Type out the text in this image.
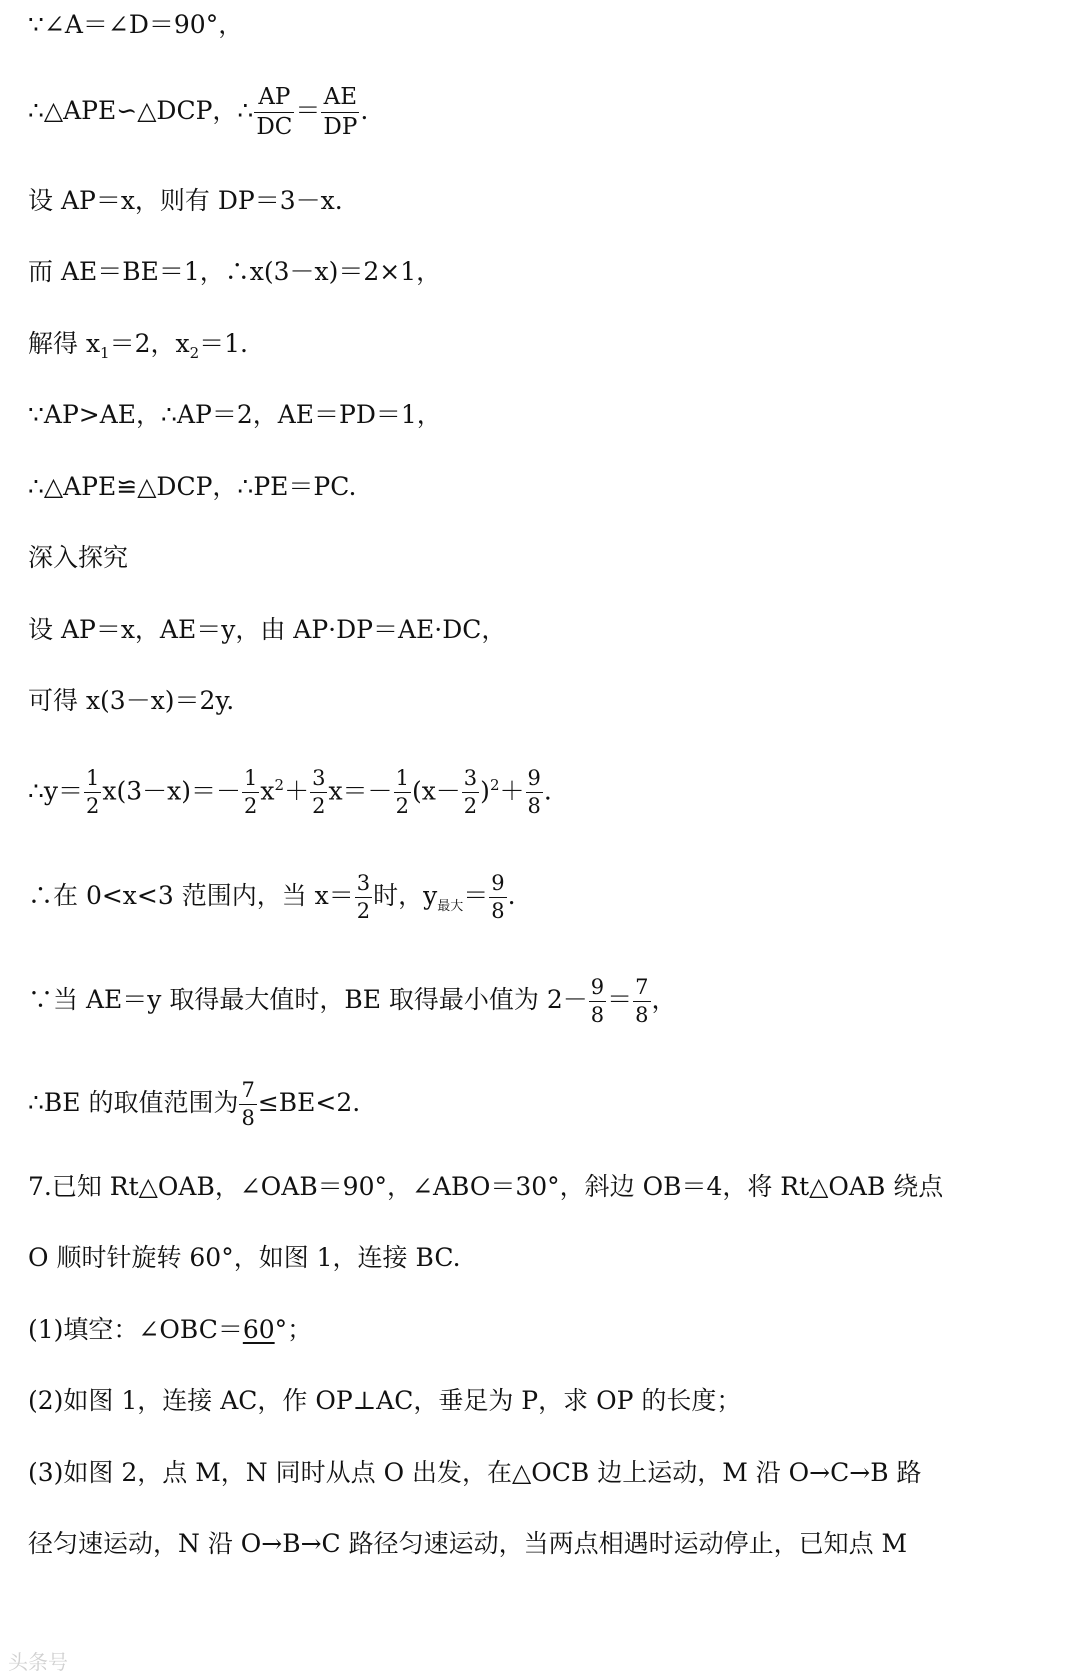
∵∠A＝∠D＝90°，
∴△APE∽△DCP，∴ $\frac{AP}{DC} = \frac{AE}{DP}$ .
设 AP＝x，则有 DP＝3－x.
而 AE＝BE＝1，∴x(3－x)＝2×1，
解得 $x_1=2$，$x_2=1$.
∵AP>AE，∴AP＝2，AE＝PD＝1，
∴△APE≌△DCP，∴PE＝PC.
深入探究
设 AP＝x，AE＝y，由 AP·DP＝AE·DC，
可得 x(3－x)＝2y.
∴y＝ $\frac{1}{2} x(3-x)=- \frac{1}{2} x^2+ \frac{3}{2} x=- \frac{1}{2} (x- \frac{3}{2} )^2+ \frac{9}{8}$ .
∴在 0<x<3 范围内，当 $x= \frac{3}{2}$ 时，$y_{最大}= \frac{9}{8}$ .
∵当 AE＝y 取得最大值时，BE 取得最小值为 $2- \frac{9}{8} = \frac{7}{8}$ ，
∴BE 的取值范围为 $\frac{7}{8} \le BE<2$.
7.已知 Rt△OAB，∠OAB＝90°，∠ABO＝30°，斜边 OB＝4，将 Rt△OAB 绕点
O 顺时针旋转 60°，如图 1，连接 BC.
(1)填空：∠OBC＝60°；
(2)如图 1，连接 AC，作 OP⊥AC，垂足为 P，求 OP 的长度；
(3)如图 2，点 M，N 同时从点 O 出发，在△OCB 边上运动，M 沿 O→C→B 路
径匀速运动，N 沿 O→B→C 路径匀速运动，当两点相遇时运动停止，已知点 M
头条号
